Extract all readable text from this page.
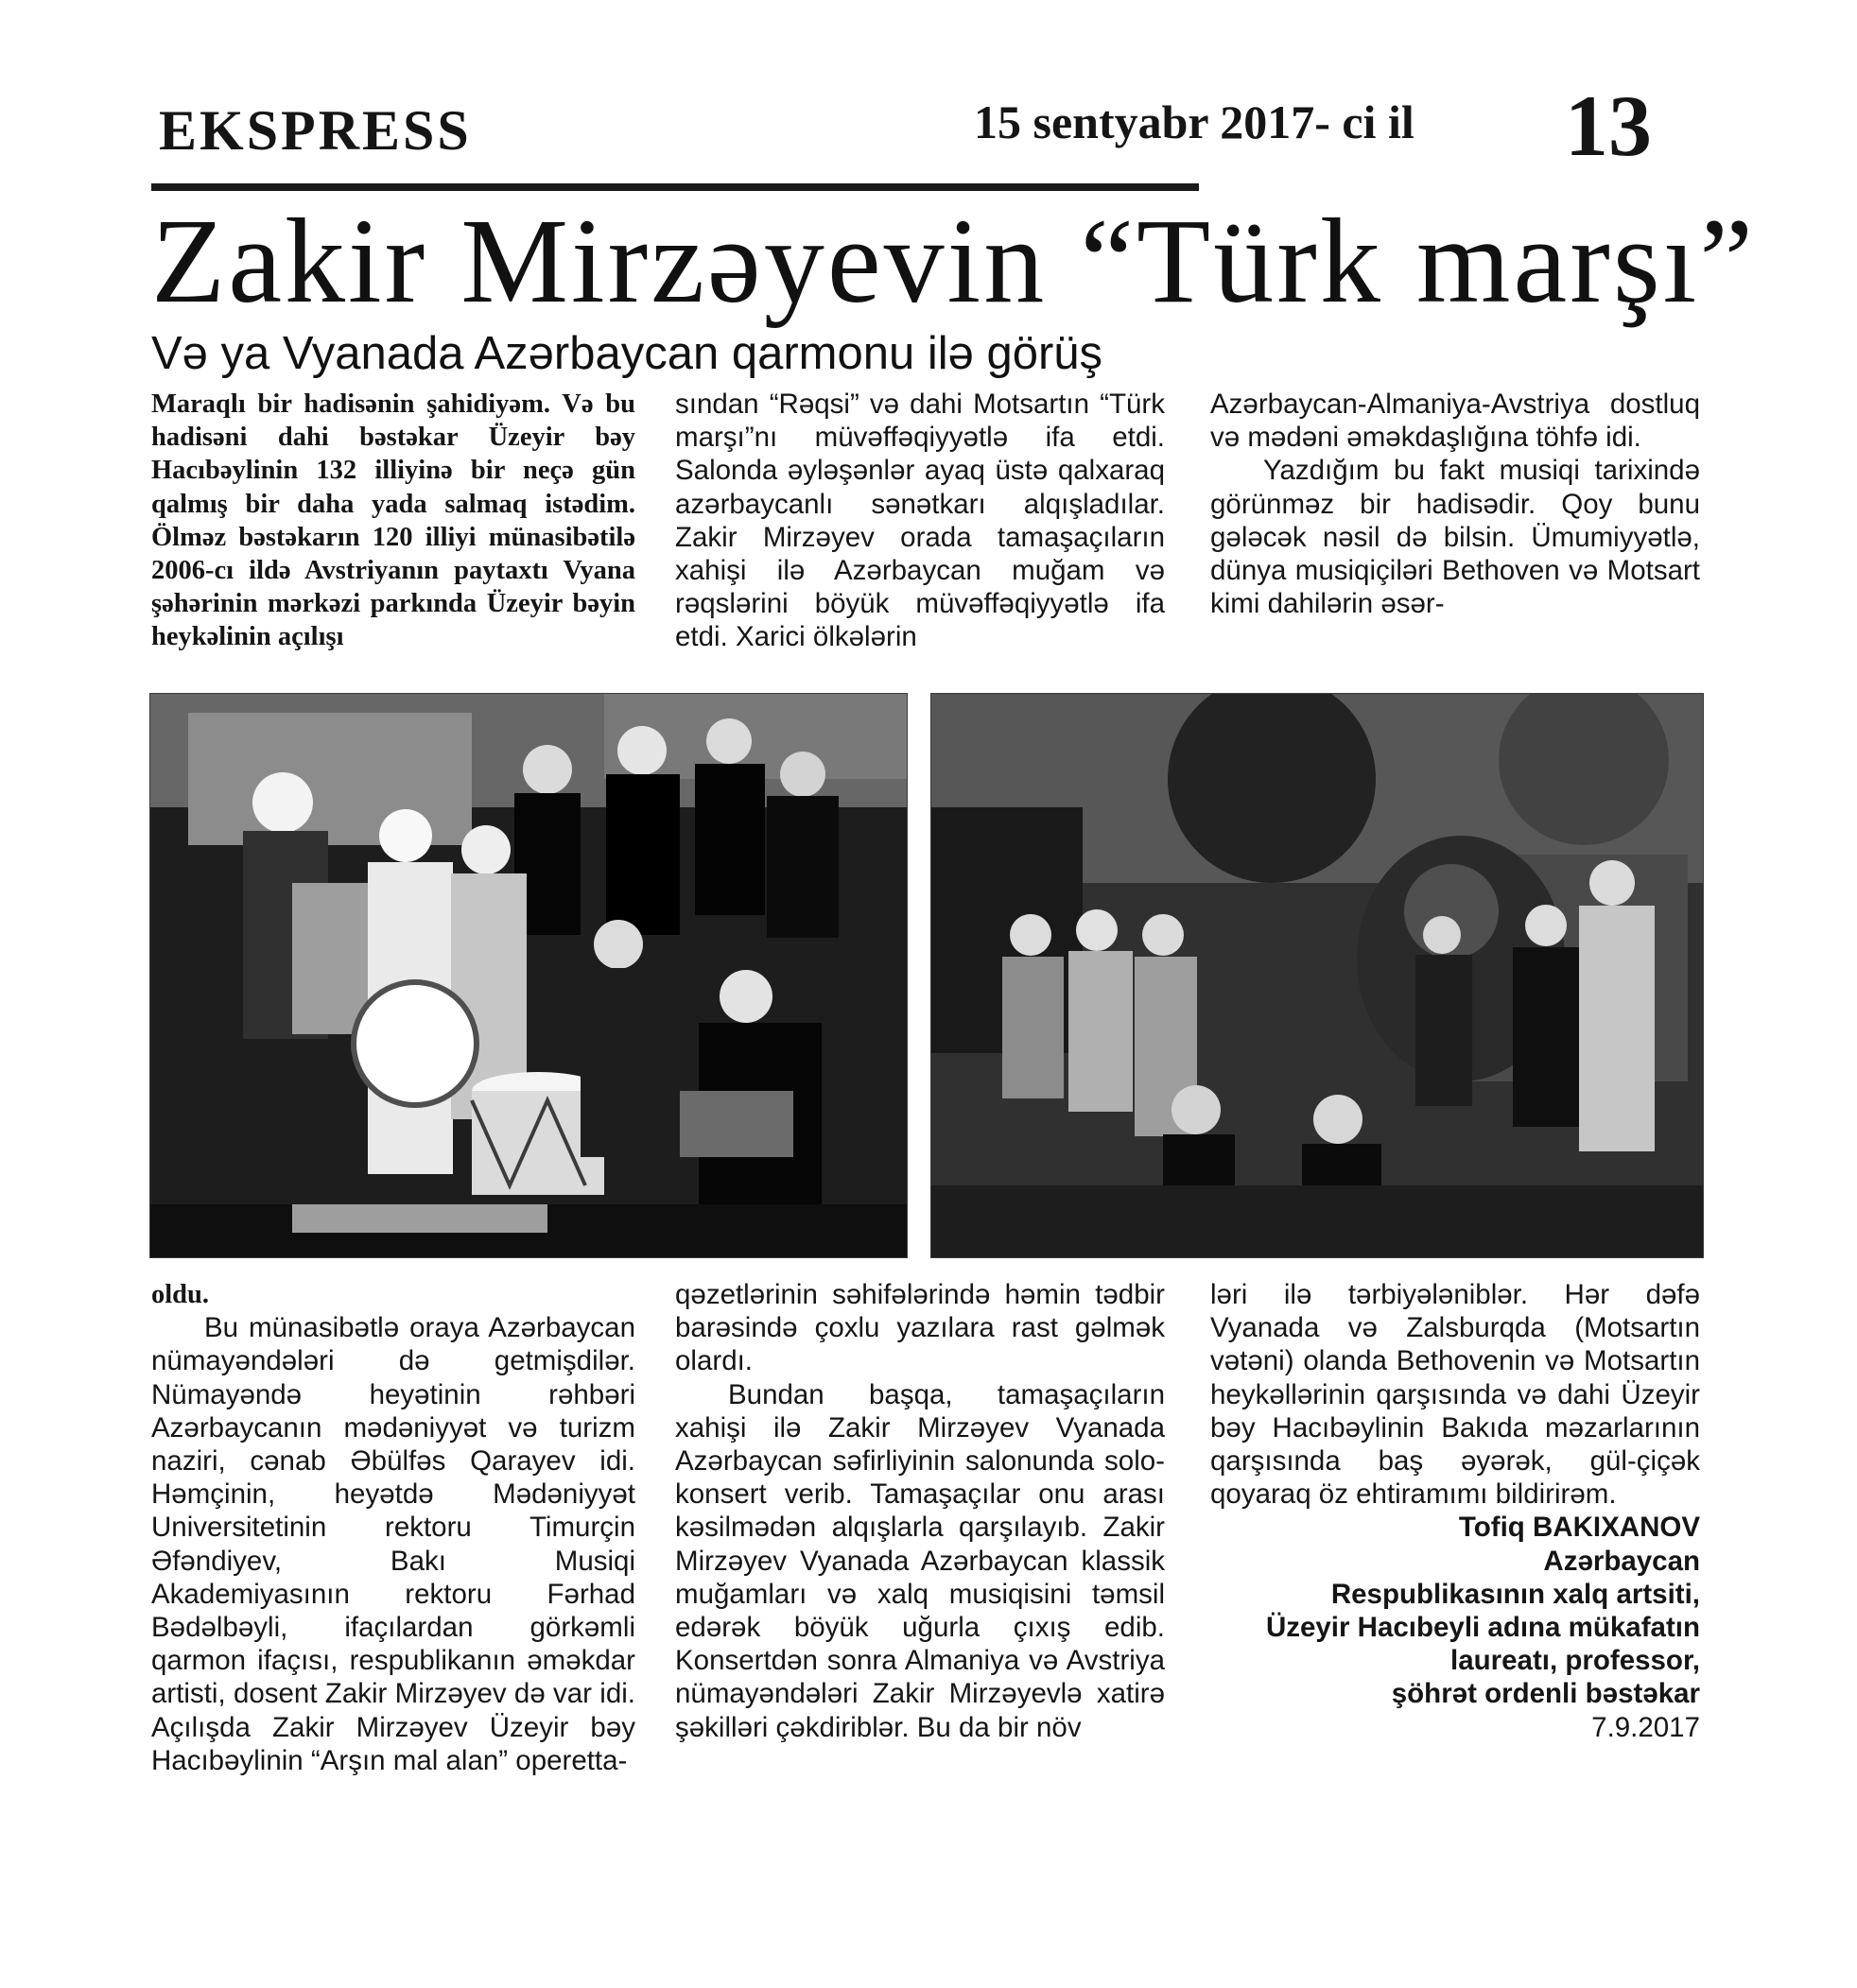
EKSPRESS	15 sentyabr 2017- ci il 13
Zakir Mirzəyevin “Türk marşı”
Və ya Vyanada Azərbaycan qarmonu ilə görüş

Maraqlı bir hadisənin şahidiyəm. Və bu hadisəni dahi bəstəkar Üzeyir bəy Hacıbəylinin 132 illiyinə bir neçə gün qalmış bir daha yada salmaq istədim. Ölməz bəstəkarın 120 illiyi münasibətilə 2006-cı ildə Avstriyanın paytaxtı Vyana şəhərinin mərkəzi parkında Üzeyir bəyin heykəlinin açılışı

sından “Rəqsi” və dahi Motsartın “Türk marşı”nı müvəffəqiyyətlə ifa etdi. Salonda əyləşənlər ayaq üstə qalxaraq azərbaycanlı sənətkarı alqışladılar. Zakir Mirzəyev orada tamaşaçıların xahişi ilə Azərbaycan muğam və rəqslərini böyük müvəffəqiyyətlə ifa etdi. Xarici ölkələrin

Azərbaycan-Almaniya-Avstriya dostluq və mədəni əməkdaşlığına töhfə idi.

Yazdığım bu fakt musiqi tarixində görünməz bir hadisədir. Qoy bunu gələcək nəsil də bilsin. Ümumiyyətlə, dünya musiqiçiləri Bethoven və Motsart kimi dahilərin əsər-

oldu.

Bu münasibətlə oraya Azərbaycan nümayəndələri də getmişdilər. Nümayəndə heyətinin rəhbəri Azərbaycanın mədəniyyət və turizm naziri, cənab Əbülfəs Qarayev idi. Həmçinin, heyətdə Mədəniyyət Universitetinin rektoru Timurçin Əfəndiyev, Bakı Musiqi Akademiyasının rektoru Fərhad Bədəlbəyli, ifaçılardan görkəmli qarmon ifaçısı, respublikanın əməkdar artisti, dosent Zakir Mirzəyev də var idi. Açılışda Zakir Mirzəyev Üzeyir bəy Hacıbəylinin “Arşın mal alan” operetta-

qəzetlərinin səhifələrində həmin tədbir barəsində çoxlu yazılara rast gəlmək olardı.

Bundan başqa, tamaşaçıların xahişi ilə Zakir Mirzəyev Vyanada Azərbaycan səfirliyinin salonunda solo-konsert verib. Tamaşaçılar onu arası kəsilmədən alqışlarla qarşılayıb. Zakir Mirzəyev Vyanada Azərbaycan klassik muğamları və xalq musiqisini təmsil edərək böyük uğurla çıxış edib. Konsertdən sonra Almaniya və Avstriya nümayəndələri Zakir Mirzəyevlə xatirə şəkilləri çəkdiriblər. Bu da bir növ

ləri ilə tərbiyələniblər. Hər dəfə Vyanada və Zalsburqda (Motsartın vətəni) olanda Bethovenin və Motsartın heykəllərinin qarşısında və dahi Üzeyir bəy Hacıbəylinin Bakıda məzarlarının qarşısında baş əyərək, gül-çiçək qoyaraq öz ehtiramımı bildirirəm.

Tofiq BAKIXANOV
Azərbaycan
Respublikasının xalq artsiti,
Üzeyir Hacıbeyli adına mükafatın
laureatı, professor,
şöhrət ordenli bəstəkar
7.9.2017
